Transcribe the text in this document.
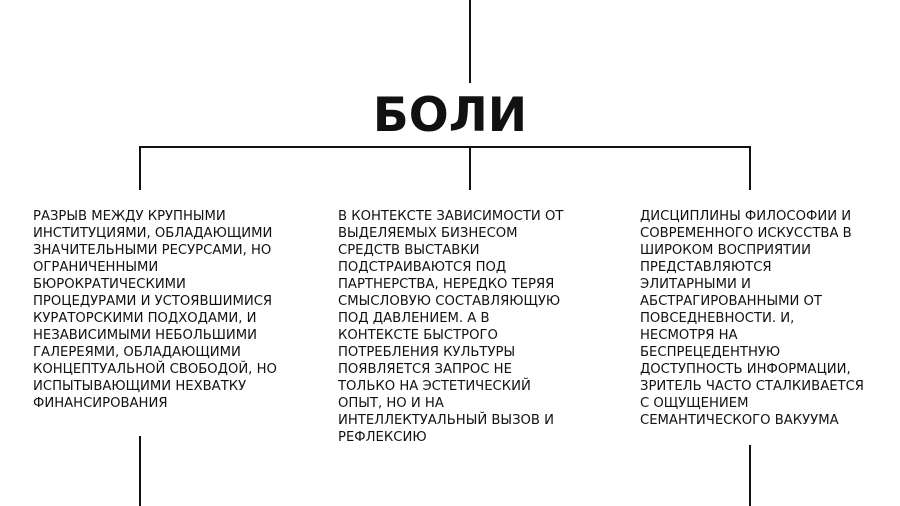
БОЛИ

РАЗРЫВ МЕЖДУ КРУПНЫМИ ИНСТИТУЦИЯМИ, ОБЛАДАЮЩИМИ ЗНАЧИТЕЛЬНЫМИ РЕСУРСАМИ, НО ОГРАНИЧЕННЫМИ БЮРОКРАТИЧЕСКИМИ ПРОЦЕДУРАМИ И УСТОЯВШИМИСЯ КУРАТОРСКИМИ ПОДХОДАМИ, И НЕЗАВИСИМЫМИ НЕБОЛЬШИМИ ГАЛЕРЕЯМИ, ОБЛАДАЮЩИМИ КОНЦЕПТУАЛЬНОЙ СВОБОДОЙ, НО ИСПЫТЫВАЮЩИМИ НЕХВАТКУ ФИНАНСИРОВАНИЯ

В КОНТЕКСТЕ ЗАВИСИМОСТИ ОТ ВЫДЕЛЯЕМЫХ БИЗНЕСОМ СРЕДСТВ ВЫСТАВКИ ПОДСТРАИВАЮТСЯ ПОД ПАРТНЕРСТВА, НЕРЕДКО ТЕРЯЯ СМЫСЛОВУЮ СОСТАВЛЯЮЩУЮ ПОД ДАВЛЕНИЕМ. А В КОНТЕКСТЕ БЫСТРОГО ПОТРЕБЛЕНИЯ КУЛЬТУРЫ ПОЯВЛЯЕТСЯ ЗАПРОС НЕ ТОЛЬКО НА ЭСТЕТИЧЕСКИЙ ОПЫТ, НО И НА ИНТЕЛЛЕКТУАЛЬНЫЙ ВЫЗОВ И РЕФЛЕКСИЮ

ДИСЦИПЛИНЫ ФИЛОСОФИИ И СОВРЕМЕННОГО ИСКУССТВА В ШИРОКОМ ВОСПРИЯТИИ ПРЕДСТАВЛЯЮТСЯ ЭЛИТАРНЫМИ И АБСТРАГИРОВАННЫМИ ОТ ПОВСЕДНЕВНОСТИ. И, НЕСМОТРЯ НА БЕСПРЕЦЕДЕНТНУЮ ДОСТУПНОСТЬ ИНФОРМАЦИИ, ЗРИТЕЛЬ ЧАСТО СТАЛКИВАЕТСЯ С ОЩУЩЕНИЕМ СЕМАНТИЧЕСКОГО ВАКУУМА
